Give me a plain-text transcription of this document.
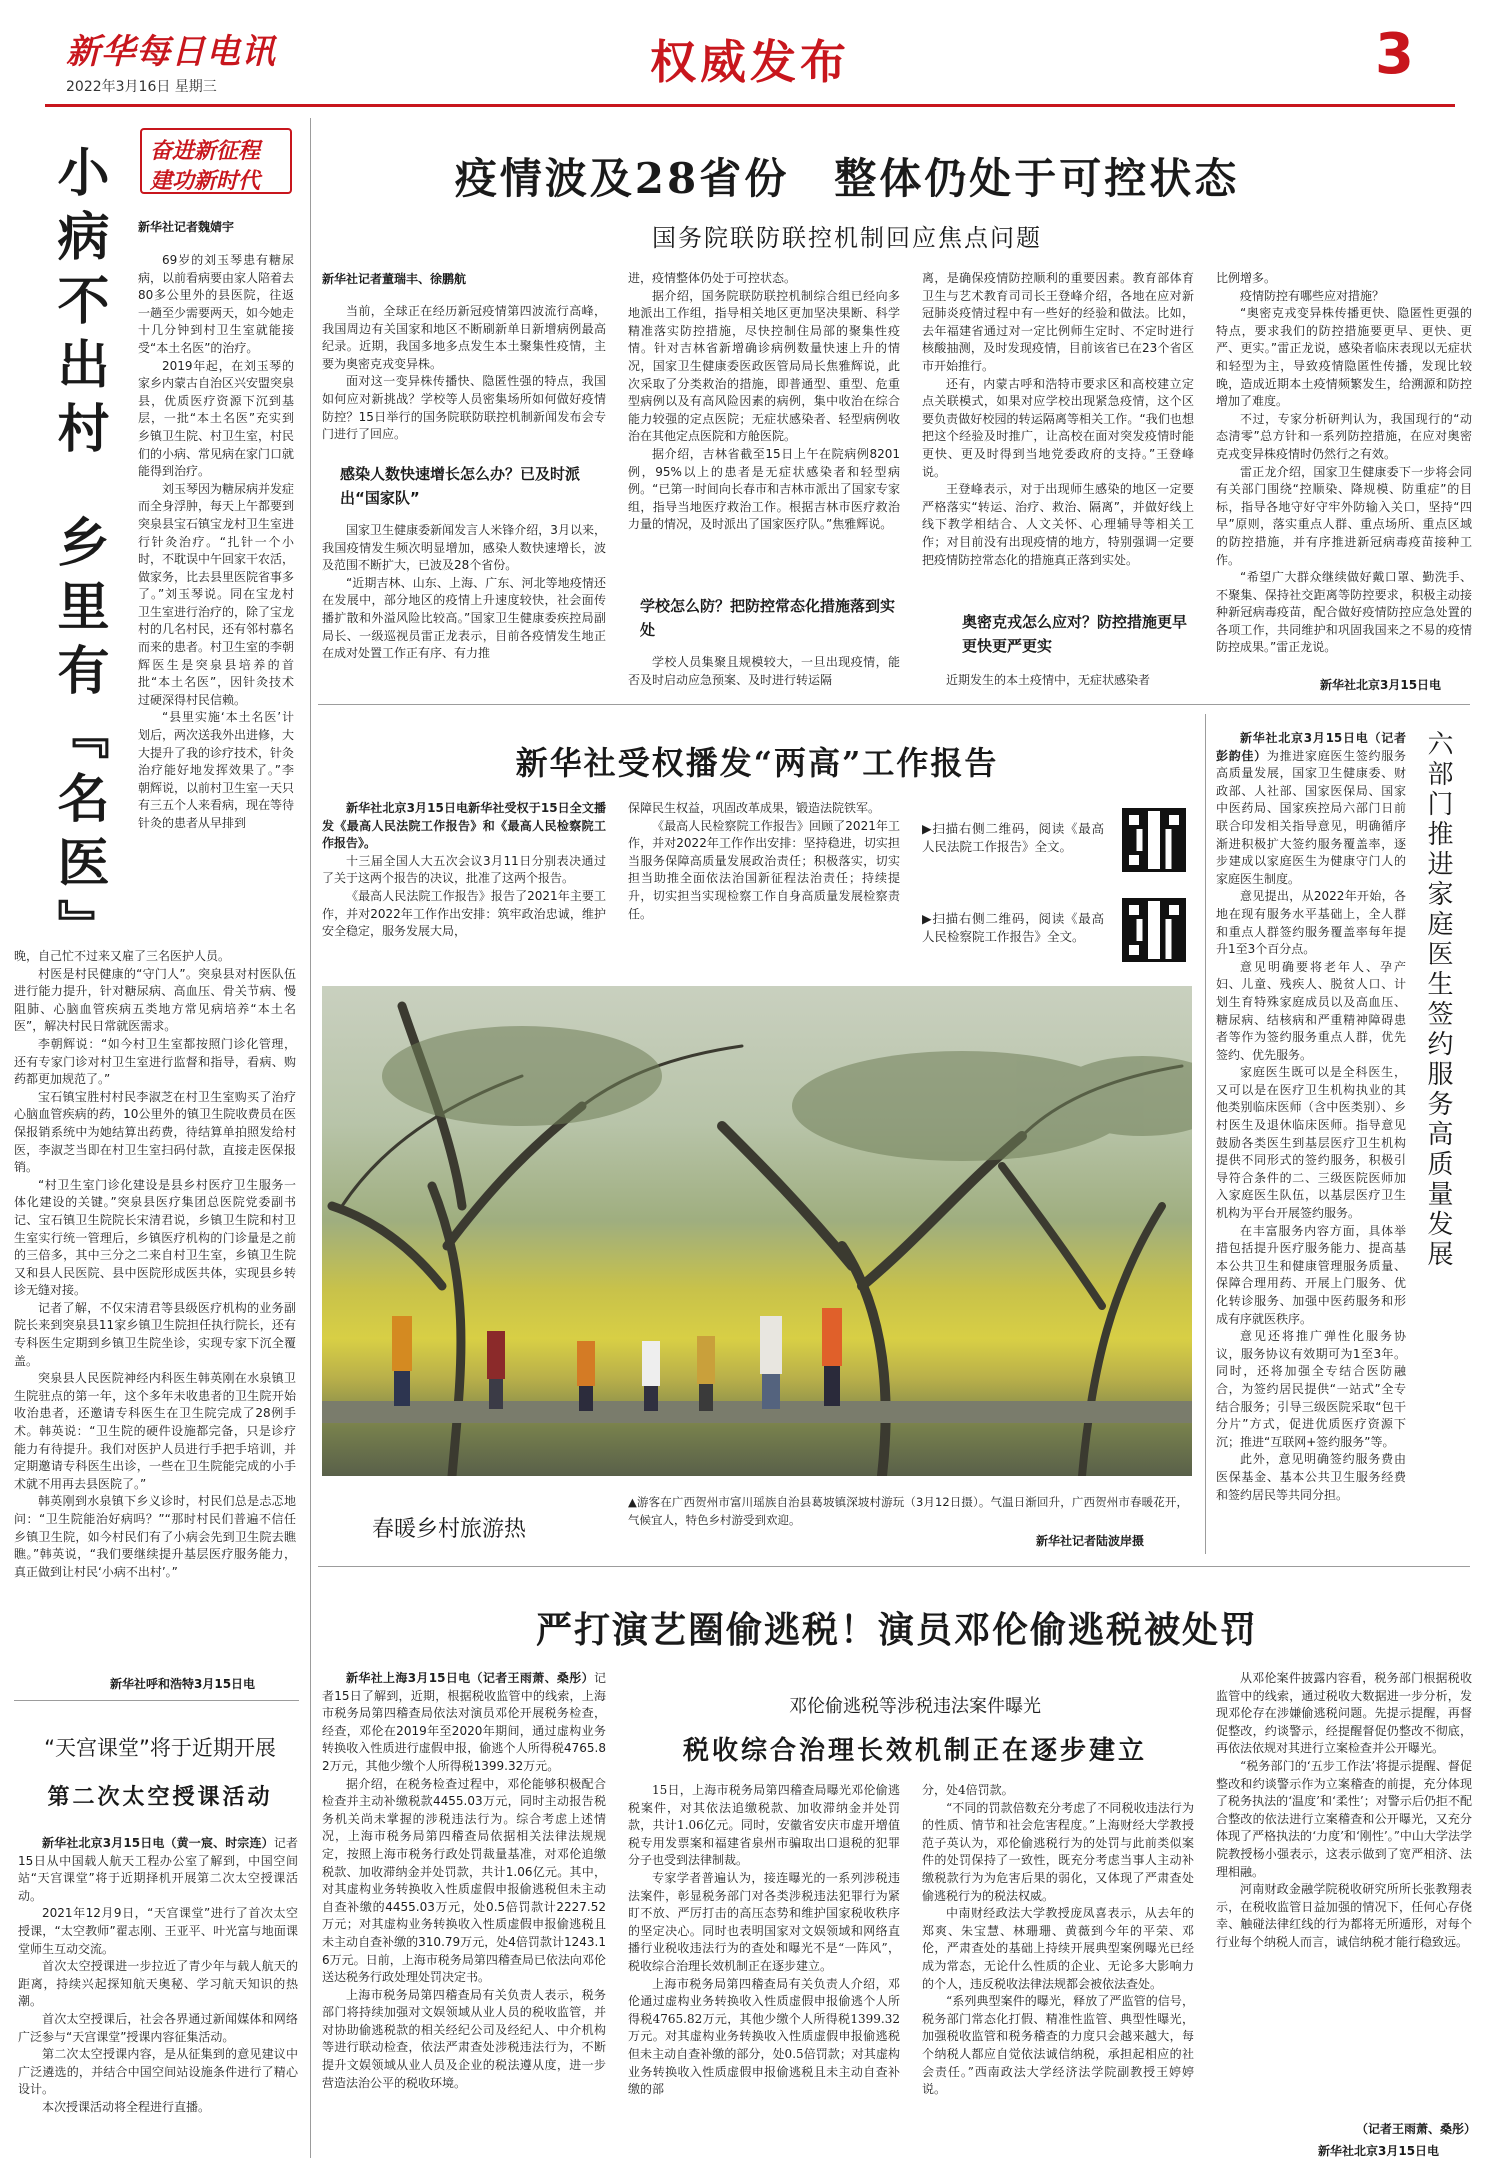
新华每日电讯
2022年3月16日 星期三	权威发布	3
奋进新征程
建功新时代
小病不出村
乡里有『名医』
新华社记者魏婧宇

69岁的刘玉琴患有糖尿病，以前看病要由家人陪着去80多公里外的县医院，往返一趟至少需要两天，如今她走十几分钟到村卫生室就能接受“本土名医”的治疗。

2019年起，在刘玉琴的家乡内蒙古自治区兴安盟突泉县，优质医疗资源下沉到基层，一批“本土名医”充实到乡镇卫生院、村卫生室，村民们的小病、常见病在家门口就能得到治疗。

刘玉琴因为糖尿病并发症而全身浮肿，每天上午都要到突泉县宝石镇宝龙村卫生室进行针灸治疗。“扎针一个小时，不耽误中午回家干农活，做家务，比去县里医院省事多了。”刘玉琴说。同在宝龙村卫生室进行治疗的，除了宝龙村的几名村民，还有邻村慕名而来的患者。村卫生室的李朝辉医生是突泉县培养的首批“本土名医”，因针灸技术过硬深得村民信赖。

“县里实施‘本土名医’计划后，两次送我外出进修，大大提升了我的诊疗技术，针灸治疗能好地发挥效果了。”李朝辉说，以前村卫生室一天只有三五个人来看病，现在等待针灸的患者从早排到

晚，自己忙不过来又雇了三名医护人员。

村医是村民健康的“守门人”。突泉县对村医队伍进行能力提升，针对糖尿病、高血压、骨关节病、慢阻肺、心脑血管疾病五类地方常见病培养“本土名医”，解决村民日常就医需求。

李朝辉说：“如今村卫生室都按照门诊化管理，还有专家门诊对村卫生室进行监督和指导，看病、购药都更加规范了。”

宝石镇宝胜村村民李淑芝在村卫生室购买了治疗心脑血管疾病的药，10公里外的镇卫生院收费员在医保报销系统中为她结算出药费，待结算单拍照发给村医，李淑芝当即在村卫生室扫码付款，直接走医保报销。

“村卫生室门诊化建设是县乡村医疗卫生服务一体化建设的关键。”突泉县医疗集团总医院党委副书记、宝石镇卫生院院长宋清君说，乡镇卫生院和村卫生室实行统一管理后，乡镇医疗机构的门诊量是之前的三倍多，其中三分之二来自村卫生室，乡镇卫生院又和县人民医院、县中医院形成医共体，实现县乡转诊无缝对接。

记者了解，不仅宋清君等县级医疗机构的业务副院长来到突泉县11家乡镇卫生院担任执行院长，还有专科医生定期到乡镇卫生院坐诊，实现专家下沉全覆盖。

突泉县人民医院神经内科医生韩英刚在水泉镇卫生院驻点的第一年，这个多年未收患者的卫生院开始收治患者，还邀请专科医生在卫生院完成了28例手术。韩英说：“卫生院的硬件设施都完备，只是诊疗能力有待提升。我们对医护人员进行手把手培训，并定期邀请专科医生出诊，一些在卫生院能完成的小手术就不用再去县医院了。”

韩英刚到水泉镇下乡义诊时，村民们总是忐忑地问：“卫生院能治好病吗？”“那时村民们普遍不信任乡镇卫生院，如今村民们有了小病会先到卫生院去瞧瞧。”韩英说，“我们要继续提升基层医疗服务能力，真正做到让村民‘小病不出村’。”

新华社呼和浩特3月15日电
“天宫课堂”将于近期开展
第二次太空授课活动

新华社北京3月15日电（黄一宸、时宗连）记者15日从中国载人航天工程办公室了解到，中国空间站“天宫课堂”将于近期择机开展第二次太空授课活动。

2021年12月9日，“天宫课堂”进行了首次太空授课，“太空教师”翟志刚、王亚平、叶光富与地面课堂师生互动交流。

首次太空授课进一步拉近了青少年与载人航天的距离，持续兴起探知航天奥秘、学习航天知识的热潮。

首次太空授课后，社会各界通过新闻媒体和网络广泛参与“天宫课堂”授课内容征集活动。

第二次太空授课内容，是从征集到的意见建议中广泛遴选的，并结合中国空间站设施条件进行了精心设计。

本次授课活动将全程进行直播。

疫情波及28省份　整体仍处于可控状态
国务院联防联控机制回应焦点问题
新华社记者董瑞丰、徐鹏航

当前，全球正在经历新冠疫情第四波流行高峰，我国周边有关国家和地区不断刷新单日新增病例最高纪录。近期，我国多地多点发生本土聚集性疫情，主要为奥密克戎变异株。

面对这一变异株传播快、隐匿性强的特点，我国如何应对新挑战？学校等人员密集场所如何做好疫情防控？15日举行的国务院联防联控机制新闻发布会专门进行了回应。

感染人数快速增长怎么办？已及时派出“国家队”

国家卫生健康委新闻发言人米锋介绍，3月以来，我国疫情发生频次明显增加，感染人数快速增长，波及范围不断扩大，已波及28个省份。

“近期吉林、山东、上海、广东、河北等地疫情还在发展中，部分地区的疫情上升速度较快，社会面传播扩散和外溢风险比较高。”国家卫生健康委疾控局副局长、一级巡视员雷正龙表示，目前各疫情发生地正在成对处置工作正有序、有力推

进，疫情整体仍处于可控状态。

据介绍，国务院联防联控机制综合组已经向多地派出工作组，指导相关地区更加坚决果断、科学精准落实防控措施，尽快控制住局部的聚集性疫情。针对吉林省新增确诊病例数量快速上升的情况，国家卫生健康委医政医管局局长焦雅辉说，此次采取了分类救治的措施，即普通型、重型、危重型病例以及有高风险因素的病例，集中收治在综合能力较强的定点医院；无症状感染者、轻型病例收治在其他定点医院和方舱医院。

据介绍，吉林省截至15日上午在院病例8201例，95%以上的患者是无症状感染者和轻型病例。“已第一时间向长春市和吉林市派出了国家专家组，指导当地医疗救治工作。根据吉林市医疗救治力量的情况，及时派出了国家医疗队。”焦雅辉说。

学校怎么防？把防控常态化措施落到实处

学校人员集聚且规模较大，一旦出现疫情，能否及时启动应急预案、及时进行转运隔

离，是确保疫情防控顺利的重要因素。教育部体育卫生与艺术教育司司长王登峰介绍，各地在应对新冠肺炎疫情过程中有一些好的经验和做法。比如，去年福建省通过对一定比例师生定时、不定时进行核酸抽测，及时发现疫情，目前该省已在23个省区市开始推行。

还有，内蒙古呼和浩特市要求区和高校建立定点关联模式，如果对应学校出现紧急疫情，这个区要负责做好校园的转运隔离等相关工作。“我们也想把这个经验及时推广，让高校在面对突发疫情时能更快、更及时得到当地党委政府的支持。”王登峰说。

王登峰表示，对于出现师生感染的地区一定要严格落实“转运、治疗、救治、隔离”，并做好线上线下教学相结合、人文关怀、心理辅导等相关工作；对目前没有出现疫情的地方，特别强调一定要把疫情防控常态化的措施真正落到实处。

奥密克戎怎么应对？防控措施更早更快更严更实

近期发生的本土疫情中，无症状感染者

比例增多。

疫情防控有哪些应对措施？

“奥密克戎变异株传播更快、隐匿性更强的特点，要求我们的防控措施要更早、更快、更严、更实。”雷正龙说，感染者临床表现以无症状和轻型为主，导致疫情隐匿性传播，发现比较晚，造成近期本土疫情频繁发生，给溯源和防控增加了难度。

不过，专家分析研判认为，我国现行的“动态清零”总方针和一系列防控措施，在应对奥密克戎变异株疫情时仍然行之有效。

雷正龙介绍，国家卫生健康委下一步将会同有关部门围绕“控顺染、降规模、防重症”的目标，指导各地守好守牢外防输入关口，坚持“四早”原则，落实重点人群、重点场所、重点区域的防控措施，并有序推进新冠病毒疫苗接种工作。

“希望广大群众继续做好戴口罩、勤洗手、不聚集、保持社交距离等防控要求，积极主动接种新冠病毒疫苗，配合做好疫情防控应急处置的各项工作，共同维护和巩固我国来之不易的疫情防控成果。”雷正龙说。

新华社北京3月15日电
新华社受权播发“两高”工作报告

新华社北京3月15日电新华社受权于15日全文播发《最高人民法院工作报告》和《最高人民检察院工作报告》。

十三届全国人大五次会议3月11日分别表决通过了关于这两个报告的决议，批准了这两个报告。

《最高人民法院工作报告》报告了2021年主要工作，并对2022年工作作出安排：筑牢政治忠诚，维护安全稳定，服务发展大局，

保障民生权益，巩固改革成果，锻造法院铁军。

《最高人民检察院工作报告》回顾了2021年工作，并对2022年工作作出安排：坚持稳进，切实担当服务保障高质量发展政治责任；积极落实，切实担当助推全面依法治国新征程法治责任；持续提升，切实担当实现检察工作自身高质量发展检察责任。

▶扫描右侧二维码，阅读《最高人民法院工作报告》全文。
▶扫描右侧二维码，阅读《最高人民检察院工作报告》全文。
春暖乡村旅游热
▲游客在广西贺州市富川瑶族自治县葛坡镇深坡村游玩（3月12日摄）。气温日渐回升，广西贺州市春暖花开，气候宜人，特色乡村游受到欢迎。
新华社记者陆波岸摄
六部门推进家庭医生签约服务高质量发展

新华社北京3月15日电（记者彭韵佳）为推进家庭医生签约服务高质量发展，国家卫生健康委、财政部、人社部、国家医保局、国家中医药局、国家疾控局六部门日前联合印发相关指导意见，明确循序渐进积极扩大签约服务覆盖率，逐步建成以家庭医生为健康守门人的家庭医生制度。

意见提出，从2022年开始，各地在现有服务水平基础上，全人群和重点人群签约服务覆盖率每年提升1至3个百分点。

意见明确要将老年人、孕产妇、儿童、残疾人、脱贫人口、计划生育特殊家庭成员以及高血压、糖尿病、结核病和严重精神障碍患者等作为签约服务重点人群，优先签约、优先服务。

家庭医生既可以是全科医生，又可以是在医疗卫生机构执业的其他类别临床医师（含中医类别）、乡村医生及退休临床医师。指导意见鼓励各类医生到基层医疗卫生机构提供不同形式的签约服务，积极引导符合条件的二、三级医院医师加入家庭医生队伍，以基层医疗卫生机构为平台开展签约服务。

在丰富服务内容方面，具体举措包括提升医疗服务能力、提高基本公共卫生和健康管理服务质量、保障合理用药、开展上门服务、优化转诊服务、加强中医药服务和形成有序就医秩序。

意见还将推广弹性化服务协议，服务协议有效期可为1至3年。同时，还将加强全专结合医防融合，为签约居民提供“一站式”全专结合服务；引导三级医院采取“包干分片”方式，促进优质医疗资源下沉；推进“互联网+签约服务”等。

此外，意见明确签约服务费由医保基金、基本公共卫生服务经费和签约居民等共同分担。

严打演艺圈偷逃税！演员邓伦偷逃税被处罚

新华社上海3月15日电（记者王雨萧、桑彤）记者15日了解到，近期，根据税收监管中的线索，上海市税务局第四稽查局依法对演员邓伦开展税务检查，经查，邓伦在2019年至2020年期间，通过虚构业务转换收入性质进行虚假申报，偷逃个人所得税4765.82万元，其他少缴个人所得税1399.32万元。

据介绍，在税务检查过程中，邓伦能够积极配合检查并主动补缴税款4455.03万元，同时主动报告税务机关尚未掌握的涉税违法行为。综合考虑上述情况，上海市税务局第四稽查局依据相关法律法规规定，按照上海市税务行政处罚裁量基准，对邓伦追缴税款、加收滞纳金并处罚款，共计1.06亿元。其中，对其虚构业务转换收入性质虚假申报偷逃税但未主动自查补缴的4455.03万元，处0.5倍罚款计2227.52万元；对其虚构业务转换收入性质虚假申报偷逃税且未主动自查补缴的310.79万元，处4倍罚款计1243.16万元。日前，上海市税务局第四稽查局已依法向邓伦送达税务行政处理处罚决定书。

上海市税务局第四稽查局有关负责人表示，税务部门将持续加强对文娱领域从业人员的税收监管，并对协助偷逃税款的相关经纪公司及经纪人、中介机构等进行联动检查，依法严肃查处涉税违法行为，不断提升文娱领域从业人员及企业的税法遵从度，进一步营造法治公平的税收环境。

邓伦偷逃税等涉税违法案件曝光
税收综合治理长效机制正在逐步建立

15日，上海市税务局第四稽查局曝光邓伦偷逃税案件，对其依法追缴税款、加收滞纳金并处罚款，共计1.06亿元。同时，安徽省安庆市虚开增值税专用发票案和福建省泉州市骗取出口退税的犯罪分子也受到法律制裁。

专家学者普遍认为，接连曝光的一系列涉税违法案件，彰显税务部门对各类涉税违法犯罪行为紧盯不放、严厉打击的高压态势和维护国家税收秩序的坚定决心。同时也表明国家对文娱领域和网络直播行业税收违法行为的查处和曝光不是“一阵风”，税收综合治理长效机制正在逐步建立。

上海市税务局第四稽查局有关负责人介绍，邓伦通过虚构业务转换收入性质虚假申报偷逃个人所得税4765.82万元，其他少缴个人所得税1399.32万元。对其虚构业务转换收入性质虚假申报偷逃税但未主动自查补缴的部分，处0.5倍罚款；对其虚构业务转换收入性质虚假申报偷逃税且未主动自查补缴的部

分，处4倍罚款。

“不同的罚款倍数充分考虑了不同税收违法行为的性质、情节和社会危害程度。”上海财经大学教授范子英认为，邓伦偷逃税行为的处罚与此前类似案件的处罚保持了一致性，既充分考虑当事人主动补缴税款行为为危害后果的弱化，又体现了严肃查处偷逃税行为的税法权威。

中南财经政法大学教授庞凤喜表示，从去年的郑爽、朱宝慧、林珊珊、黄薇到今年的平荣、邓伦，严肃查处的基础上持续开展典型案例曝光已经成为常态，无论什么性质的企业、无论多大影响力的个人，违反税收法律法规都会被依法查处。

“系列典型案件的曝光，释放了严监管的信号，税务部门常态化打假、精准性监管、典型性曝光，加强税收监管和税务稽查的力度只会越来越大，每个纳税人都应自觉依法诚信纳税，承担起相应的社会责任。”西南政法大学经济法学院副教授王婷婷说。

从邓伦案件披露内容看，税务部门根据税收监管中的线索，通过税收大数据进一步分析，发现邓伦存在涉嫌偷逃税问题。先提示提醒，再督促整改，约谈警示，经提醒督促仍整改不彻底，再依法依规对其进行立案检查并公开曝光。

“税务部门的‘五步工作法’将提示提醒、督促整改和约谈警示作为立案稽查的前提，充分体现了税务执法的‘温度’和‘柔性’；对警示后仍拒不配合整改的依法进行立案稽查和公开曝光，又充分体现了严格执法的‘力度’和‘刚性’。”中山大学法学院教授杨小强表示，这表示做到了宽严相济、法理相融。

河南财政金融学院税收研究所所长张教翔表示，在税收监管日益加强的情况下，任何心存侥幸、触碰法律红线的行为都将无所遁形，对每个行业每个纳税人而言，诚信纳税才能行稳致远。

（记者王雨萧、桑彤）
新华社北京3月15日电
